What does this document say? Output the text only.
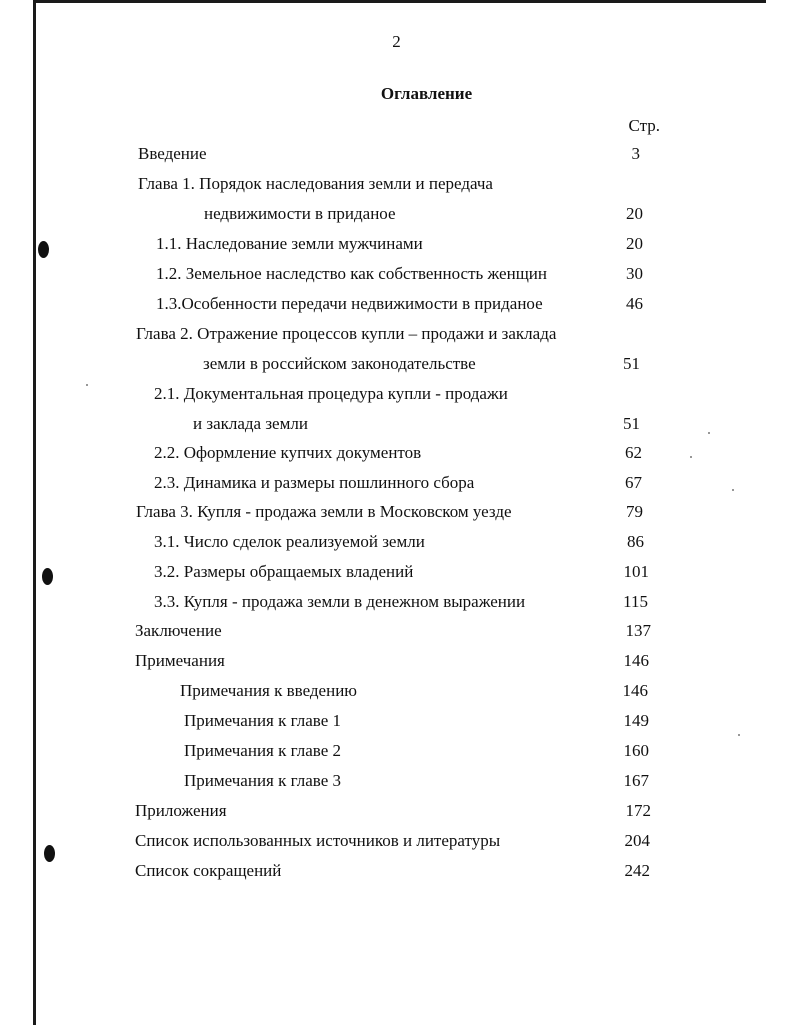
2
Оглавление
Стр.
Введение	3
Глава 1. Порядок наследования земли и передача
недвижимости в приданое	20
1.1. Наследование земли мужчинами	20
1.2. Земельное наследство как собственность женщин	30
1.3.Особенности передачи недвижимости в приданое	46
Глава 2. Отражение процессов купли – продажи и заклада
земли в российском законодательстве	51
2.1. Документальная процедура купли - продажи
и заклада земли	51
2.2. Оформление купчих документов	62
2.3. Динамика и размеры пошлинного сбора	67
Глава 3. Купля - продажа земли в Московском уезде	79
3.1. Число сделок реализуемой земли	86
3.2. Размеры обращаемых владений	101
3.3. Купля - продажа земли в денежном выражении	115
Заключение	137
Примечания	146
Примечания к введению	146
Примечания к главе 1	149
Примечания к главе 2	160
Примечания к главе 3	167
Приложения	172
Список использованных источников и литературы	204
Список сокращений	242
